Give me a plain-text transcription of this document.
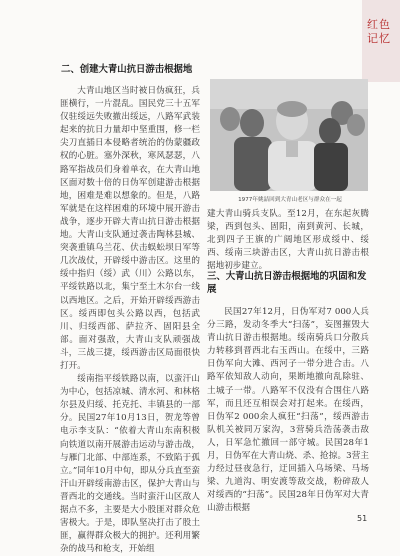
红色
记忆
二、创建大青山抗日游击根据地

大青山地区当时被日伪疯狂，兵匪横行，一片混乱。国民党三十五军仅驻绥远失败撤出绥远，八路军武装起来的抗日力量却中坚重围，修一栏尖刀直插日本侵略者统治的伪蒙疆政权的心脏。塞外深秋，寒风瑟瑟，八路军指战员们身着单衣，在大青山地区面对数十倍的日伪军创建游击根据地，困难是难以想象的。但是，八路军就是在这样困难的环境中展开游击战争，逐步开辟大青山抗日游击根据地。大青山支队通过袭击陶林县城、突袭重镇乌兰花、伏击蜈蚣坝日军等几次战仗，开辟绥中游击区。这里的绥中指归（绥）武（川）公路以东，平绥铁路以北，集宁至土木尔台一线以西地区。之后，开始开辟绥西游击区。绥西即包头公路以西，包括武川、归绥西部、萨拉齐、固阳县全部。面对强敌，大青山支队顽强战斗，三战三捷，绥西游击区局面很快打开。

绥南指平绥铁路以南，以蛮汗山为中心，包括凉城、清水河、和林格尔县及归绥、托克托、丰镇县的一部分。民国27年10月13日，贺龙等曾电示李支队：“依着大青山东南积极向铁道以南开展游击运动与游击战，与雁门北部、中部连系，不致陷于孤立。”同年10月中旬，即从分兵直至蛮汗山开辟绥南游击区，保护大青山与晋西北的交通线。当时蛮汗山区敌人据点不多，主要是大小股匪对群众危害极大。于是，即队坚决打击了股土匪，赢得群众极大的拥护。还利用繁杂的战马和枪支，开始组

1977年姚喆回到大青山老区与群众在一起

建大青山骑兵支队。至12月，在东起灰腾梁，西到包头、固阳，南到黄河、长城，北到四子王旗的广阔地区形成绥中、绥西、绥南三块游击区，大青山抗日游击根据地初步建立。

三、大青山抗日游击根据地的巩固和发展

民国27年12月，日伪军对7 000人兵分三路，发动冬季大“扫荡”，妄图摧毁大青山抗日游击根据地。绥南骑兵口分散兵力转移到晋西北右玉西山。在绥中，三路日伪军向大滩、西河子一带分进合击。八路军依知敌人动向，果断地撤向乱除驻、土城子一带。八路军不仅没有合围住八路军，而且还互相误会对打起来。在绥西，日伪军2 000余人疯狂“扫荡”，绥西游击队机关被同万家沟，3营骑兵浩荡袭击敌人，日军急忙撤回一部守城。民国28年1月，日伪军在大青山烧、杀、抢掠。3营主力经过昼夜急行，迂回插入乌场梁、马场梁、九道沟、明安渡等敌交战，粉碎敌人对绥西的“扫荡”。民国28年日伪军对大青山游击根据

51
